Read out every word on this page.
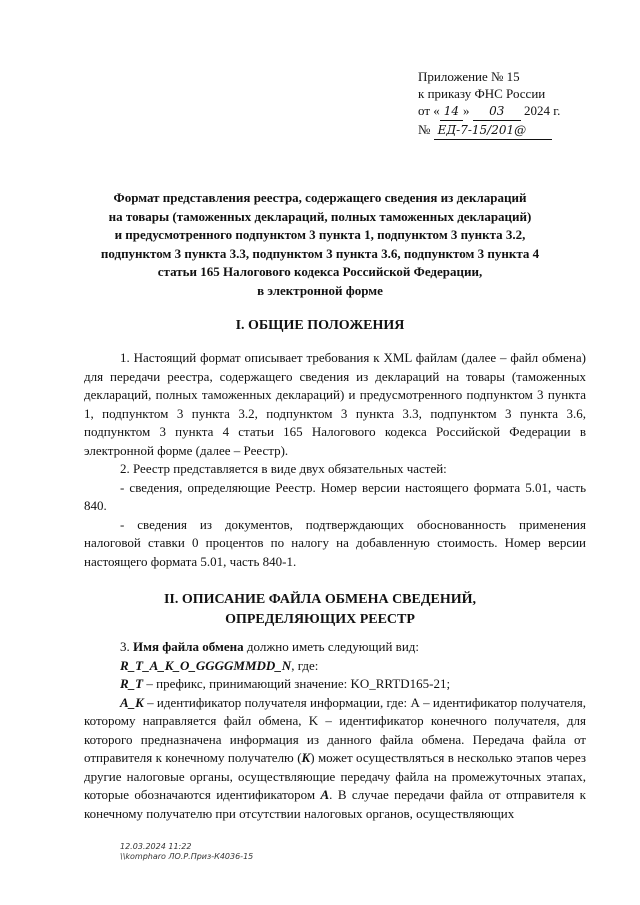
Приложение № 15
к приказу ФНС России
от « 14 » 03 2024 г.
№ ЕД-7-15/201@
Формат представления реестра, содержащего сведения из деклараций
на товары (таможенных деклараций, полных таможенных деклараций)
и предусмотренного подпунктом 3 пункта 1, подпунктом 3 пункта 3.2,
подпунктом 3 пункта 3.3, подпунктом 3 пункта 3.6, подпунктом 3 пункта 4
статьи 165 Налогового кодекса Российской Федерации,
в электронной форме
I. ОБЩИЕ ПОЛОЖЕНИЯ

1. Настоящий формат описывает требования к XML файлам (далее – файл обмена) для передачи реестра, содержащего сведения из деклараций на товары (таможенных деклараций, полных таможенных деклараций) и предусмотренного подпунктом 3 пункта 1, подпунктом 3 пункта 3.2, подпунктом 3 пункта 3.3, подпунктом 3 пункта 3.6, подпунктом 3 пункта 4 статьи 165 Налогового кодекса Российской Федерации в электронной форме (далее – Реестр).

2. Реестр представляется в виде двух обязательных частей:

- сведения, определяющие Реестр. Номер версии настоящего формата 5.01, часть 840.

- сведения из документов, подтверждающих обоснованность применения налоговой ставки 0 процентов по налогу на добавленную стоимость. Номер версии настоящего формата 5.01, часть 840-1.

II. ОПИСАНИЕ ФАЙЛА ОБМЕНА СВЕДЕНИЙ,
ОПРЕДЕЛЯЮЩИХ РЕЕСТР

3. Имя файла обмена должно иметь следующий вид:

R_T_A_K_O_GGGGMMDD_N, где:

R_T – префикс, принимающий значение: KO_RRTD165-21;

A_K – идентификатор получателя информации, где: А – идентификатор получателя, которому направляется файл обмена, K – идентификатор конечного получателя, для которого предназначена информация из данного файла обмена. Передача файла от отправителя к конечному получателю (K) может осуществляться в несколько этапов через другие налоговые органы, осуществляющие передачу файла на промежуточных этапах, которые обозначаются идентификатором А. В случае передачи файла от отправителя к конечному получателю при отсутствии налоговых органов, осуществляющих

12.03.2024 11:22
\\kompharo ЛО.Р.Приз-К4036-15
